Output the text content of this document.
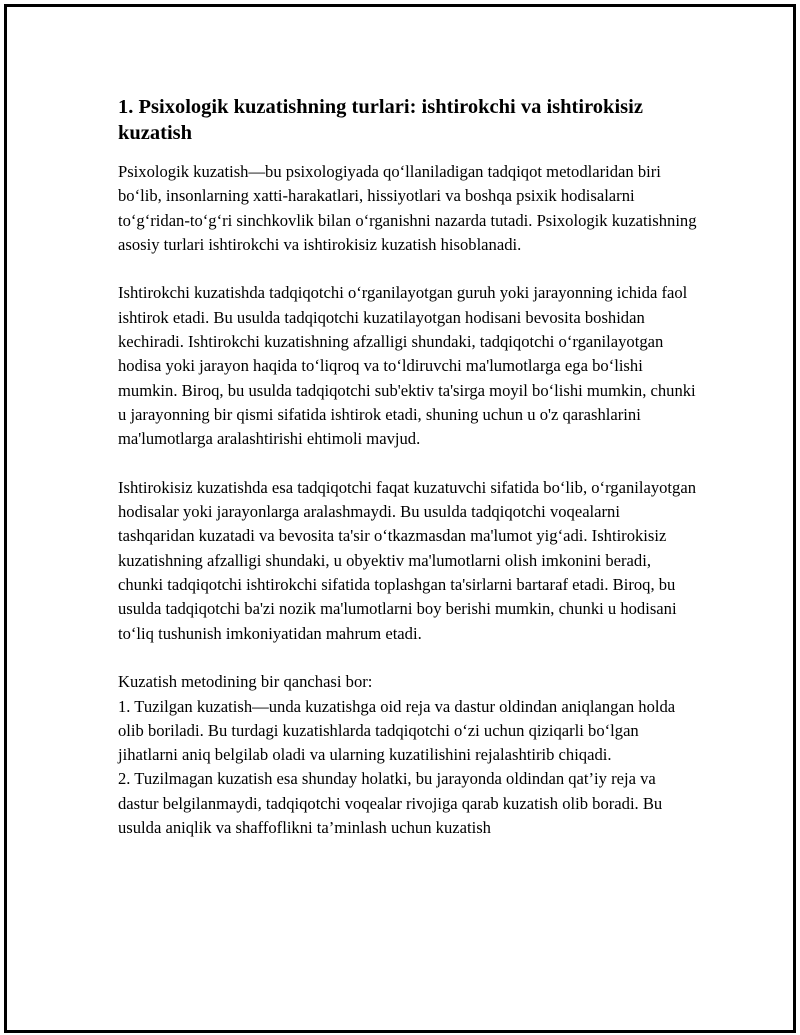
1. Psixologik kuzatishning turlari: ishtirokchi va ishtirokisiz kuzatish

Psixologik kuzatish—bu psixologiyada qo‘llaniladigan tadqiqot metodlaridan biri bo‘lib, insonlarning xatti-harakatlari, hissiyotlari va boshqa psixik hodisalarni to‘g‘ridan-to‘g‘ri sinchkovlik bilan o‘rganishni nazarda tutadi. Psixologik kuzatishning asosiy turlari ishtirokchi va ishtirokisiz kuzatish hisoblanadi.

Ishtirokchi kuzatishda tadqiqotchi o‘rganilayotgan guruh yoki jarayonning ichida faol ishtirok etadi. Bu usulda tadqiqotchi kuzatilayotgan hodisani bevosita boshidan kechiradi. Ishtirokchi kuzatishning afzalligi shundaki, tadqiqotchi o‘rganilayotgan hodisa yoki jarayon haqida to‘liqroq va to‘ldiruvchi ma'lumotlarga ega bo‘lishi mumkin. Biroq, bu usulda tadqiqotchi sub'ektiv ta'sirga moyil bo‘lishi mumkin, chunki u jarayonning bir qismi sifatida ishtirok etadi, shuning uchun u o'z qarashlarini ma'lumotlarga aralashtirishi ehtimoli mavjud.

Ishtirokisiz kuzatishda esa tadqiqotchi faqat kuzatuvchi sifatida bo‘lib, o‘rganilayotgan hodisalar yoki jarayonlarga aralashmaydi. Bu usulda tadqiqotchi voqealarni tashqaridan kuzatadi va bevosita ta'sir o‘tkazmasdan ma'lumot yig‘adi. Ishtirokisiz kuzatishning afzalligi shundaki, u obyektiv ma'lumotlarni olish imkonini beradi, chunki tadqiqotchi ishtirokchi sifatida toplashgan ta'sirlarni bartaraf etadi. Biroq, bu usulda tadqiqotchi ba'zi nozik ma'lumotlarni boy berishi mumkin, chunki u hodisani to‘liq tushunish imkoniyatidan mahrum etadi.

Kuzatish metodining bir qanchasi bor:

1. Tuzilgan kuzatish—unda kuzatishga oid reja va dastur oldindan aniqlangan holda olib boriladi. Bu turdagi kuzatishlarda tadqiqotchi o‘zi uchun qiziqarli bo‘lgan jihatlarni aniq belgilab oladi va ularning kuzatilishini rejalashtirib chiqadi.

2. Tuzilmagan kuzatish esa shunday holatki, bu jarayonda oldindan qat’iy reja va dastur belgilanmaydi, tadqiqotchi voqealar rivojiga qarab kuzatish olib boradi. Bu usulda aniqlik va shaffoflikni ta’minlash uchun kuzatish
